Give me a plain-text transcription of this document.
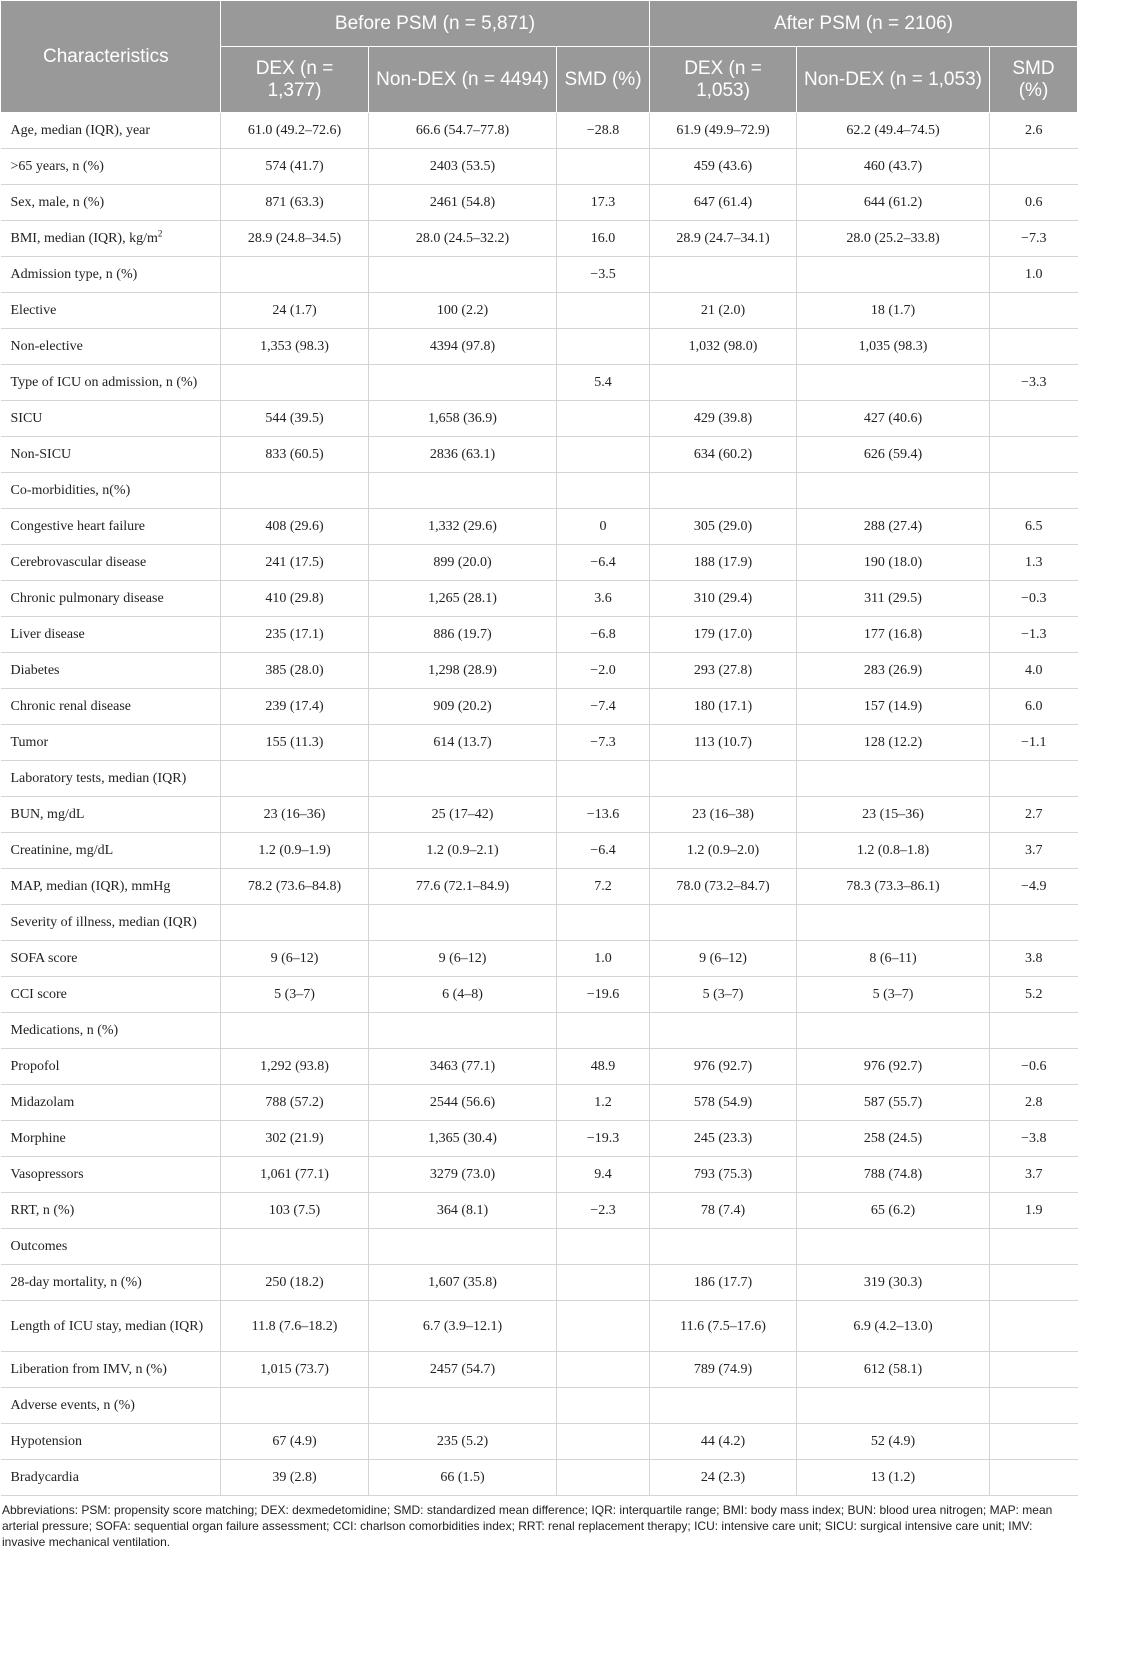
Characteristics	Before PSM (n = 5,871)			After PSM (n = 2106)		
	DEX (n = 1,377)	Non-DEX (n = 4494)	SMD (%)	DEX (n = 1,053)	Non-DEX (n = 1,053)	SMD (%)
Age, median (IQR), year	61.0 (49.2–72.6)	66.6 (54.7–77.8)	−28.8	61.9 (49.9–72.9)	62.2 (49.4–74.5)	2.6
>65 years, n (%)	574 (41.7)	2403 (53.5)		459 (43.6)	460 (43.7)	
Sex, male, n (%)	871 (63.3)	2461 (54.8)	17.3	647 (61.4)	644 (61.2)	0.6
BMI, median (IQR), $kg/m^2$	28.9 (24.8–34.5)	28.0 (24.5–32.2)	16.0	28.9 (24.7–34.1)	28.0 (25.2–33.8)	−7.3
Admission type, n (%)			−3.5			1.0
Elective	24 (1.7)	100 (2.2)		21 (2.0)	18 (1.7)	
Non-elective	1,353 (98.3)	4394 (97.8)		1,032 (98.0)	1,035 (98.3)	
Type of ICU on admission, n (%)			5.4			−3.3
SICU	544 (39.5)	1,658 (36.9)		429 (39.8)	427 (40.6)	
Non-SICU	833 (60.5)	2836 (63.1)		634 (60.2)	626 (59.4)	
Co-morbidities, n(%)						
Congestive heart failure	408 (29.6)	1,332 (29.6)	0	305 (29.0)	288 (27.4)	6.5
Cerebrovascular disease	241 (17.5)	899 (20.0)	−6.4	188 (17.9)	190 (18.0)	1.3
Chronic pulmonary disease	410 (29.8)	1,265 (28.1)	3.6	310 (29.4)	311 (29.5)	−0.3
Liver disease	235 (17.1)	886 (19.7)	−6.8	179 (17.0)	177 (16.8)	−1.3
Diabetes	385 (28.0)	1,298 (28.9)	−2.0	293 (27.8)	283 (26.9)	4.0
Chronic renal disease	239 (17.4)	909 (20.2)	−7.4	180 (17.1)	157 (14.9)	6.0
Tumor	155 (11.3)	614 (13.7)	−7.3	113 (10.7)	128 (12.2)	−1.1
Laboratory tests, median (IQR)						
BUN, mg/dL	23 (16–36)	25 (17–42)	−13.6	23 (16–38)	23 (15–36)	2.7
Creatinine, mg/dL	1.2 (0.9–1.9)	1.2 (0.9–2.1)	−6.4	1.2 (0.9–2.0)	1.2 (0.8–1.8)	3.7
MAP, median (IQR), mmHg	78.2 (73.6–84.8)	77.6 (72.1–84.9)	7.2	78.0 (73.2–84.7)	78.3 (73.3–86.1)	−4.9
Severity of illness, median (IQR)						
SOFA score	9 (6–12)	9 (6–12)	1.0	9 (6–12)	8 (6–11)	3.8
CCI score	5 (3–7)	6 (4–8)	−19.6	5 (3–7)	5 (3–7)	5.2
Medications, n (%)						
Propofol	1,292 (93.8)	3463 (77.1)	48.9	976 (92.7)	976 (92.7)	−0.6
Midazolam	788 (57.2)	2544 (56.6)	1.2	578 (54.9)	587 (55.7)	2.8
Morphine	302 (21.9)	1,365 (30.4)	−19.3	245 (23.3)	258 (24.5)	−3.8
Vasopressors	1,061 (77.1)	3279 (73.0)	9.4	793 (75.3)	788 (74.8)	3.7
RRT, n (%)	103 (7.5)	364 (8.1)	−2.3	78 (7.4)	65 (6.2)	1.9
Outcomes						
28-day mortality, n (%)	250 (18.2)	1,607 (35.8)		186 (17.7)	319 (30.3)	
Length of ICU stay, median (IQR)	11.8 (7.6–18.2)	6.7 (3.9–12.1)		11.6 (7.5–17.6)	6.9 (4.2–13.0)	
Liberation from IMV, n (%)	1,015 (73.7)	2457 (54.7)		789 (74.9)	612 (58.1)	
Adverse events, n (%)						
Hypotension	67 (4.9)	235 (5.2)		44 (4.2)	52 (4.9)	
Bradycardia	39 (2.8)	66 (1.5)		24 (2.3)	13 (1.2)	

Abbreviations: PSM: propensity score matching; DEX: dexmedetomidine; SMD: standardized mean difference; IQR: interquartile range; BMI: body mass index; BUN: blood urea nitrogen; MAP: mean arterial pressure; SOFA: sequential organ failure assessment; CCI: charlson comorbidities index; RRT: renal replacement therapy; ICU: intensive care unit; SICU: surgical intensive care unit; IMV: invasive mechanical ventilation.
